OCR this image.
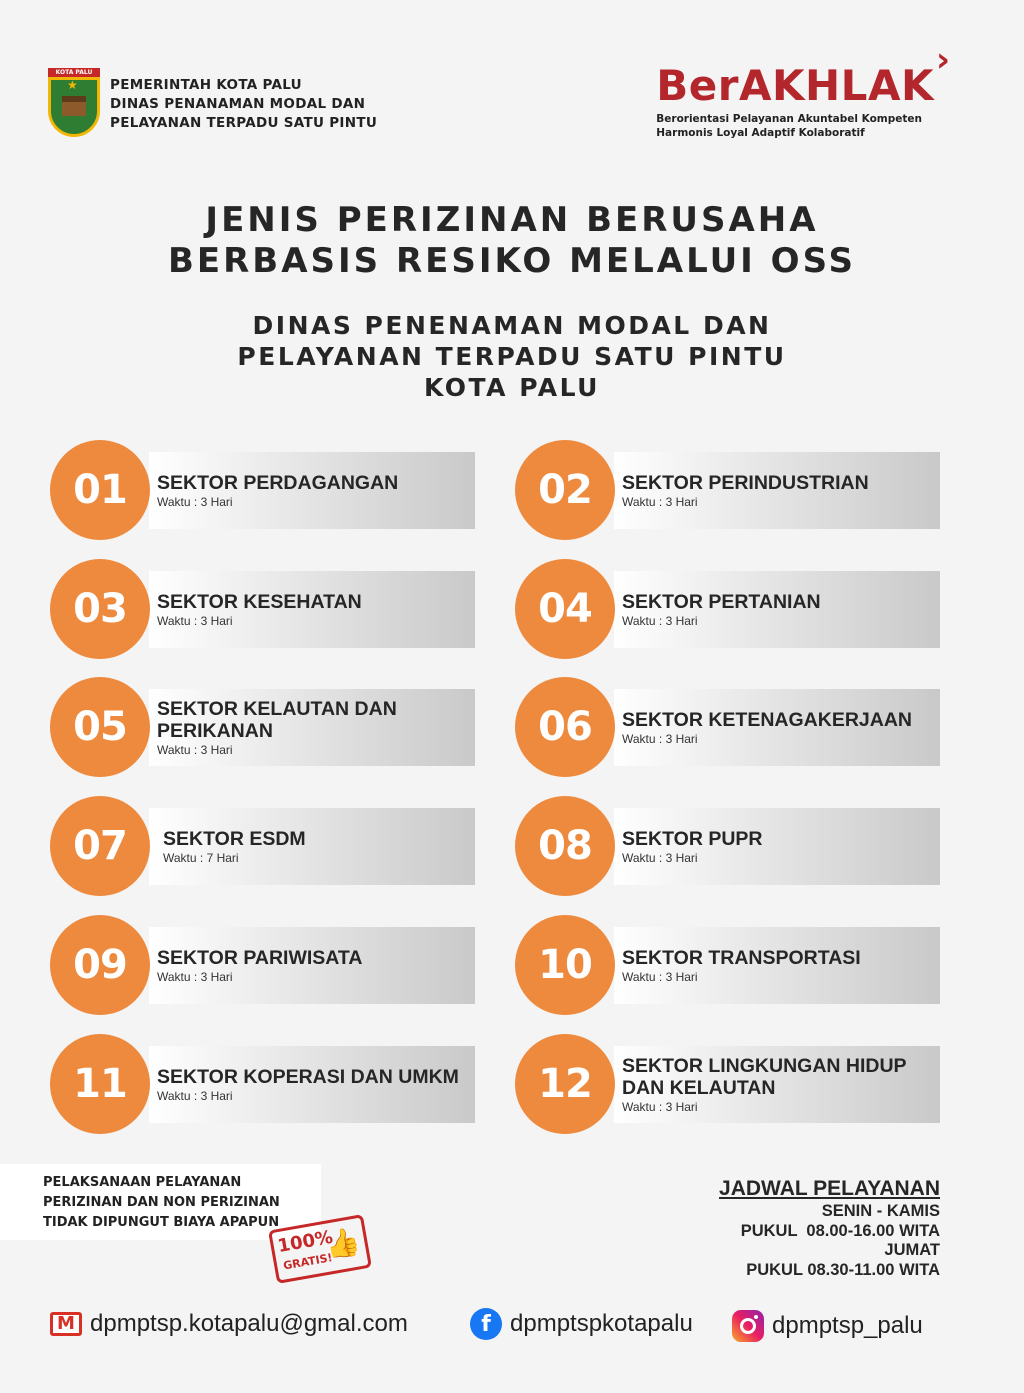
KOTA PALU
★ PEMERINTAH KOTA PALU
DINAS PENANAMAN MODAL DAN
PELAYANAN TERPADU SATU PINTU
BerAKHLAK
›
Berorientasi Pelayanan Akuntabel Kompeten
Harmonis Loyal Adaptif Kolaboratif
JENIS PERIZINAN BERUSAHA
BERBASIS RESIKO MELALUI OSS
DINAS PENENAMAN MODAL DAN
PELAYANAN TERPADU SATU PINTU
KOTA PALU
01	SEKTOR PERDAGANGAN
Waktu : 3 Hari	02	SEKTOR PERINDUSTRIAN
Waktu : 3 Hari
03	SEKTOR KESEHATAN
Waktu : 3 Hari	04	SEKTOR PERTANIAN
Waktu : 3 Hari
05	SEKTOR KELAUTAN DAN PERIKANAN
Waktu : 3 Hari	06	SEKTOR KETENAGAKERJAAN
Waktu : 3 Hari
07	SEKTOR ESDM
Waktu : 7 Hari	08	SEKTOR PUPR
Waktu : 3 Hari
09	SEKTOR PARIWISATA
Waktu : 3 Hari	10	SEKTOR TRANSPORTASI
Waktu : 3 Hari
11	SEKTOR KOPERASI DAN UMKM
Waktu : 3 Hari	12	SEKTOR LINGKUNGAN HIDUP DAN KELAUTAN
Waktu : 3 Hari
PELAKSANAAN PELAYANAN
PERIZINAN DAN NON PERIZINAN
TIDAK DIPUNGUT BIAYA APAPUN
100%
GRATIS!
👍
JADWAL PELAYANAN
SENIN - KAMIS
PUKUL  08.00-16.00 WITA
JUMAT
PUKUL 08.30-11.00 WITA
M dpmptsp.kotapalu@gmal.com	f dpmptspkotapalu	dpmptsp_palu
